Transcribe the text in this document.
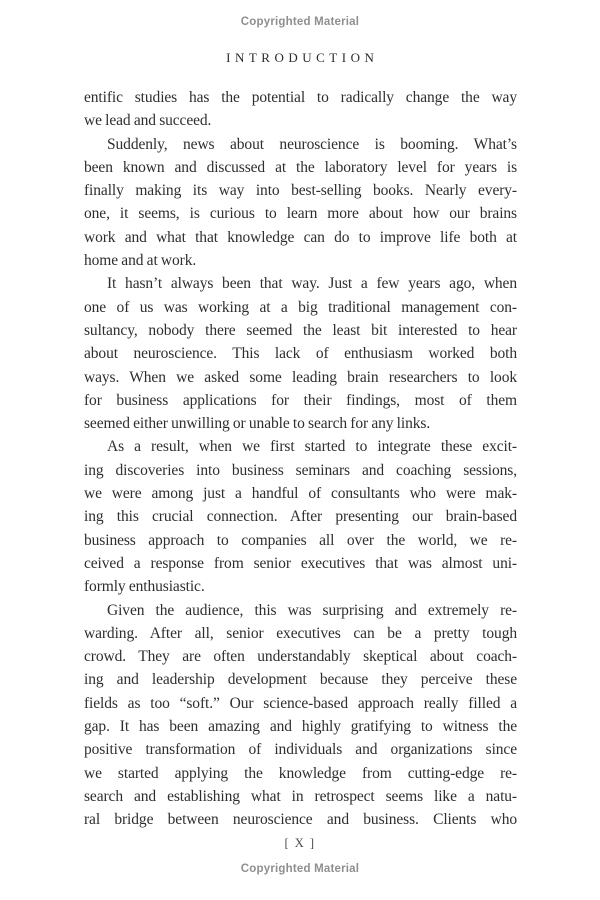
Copyrighted Material
INTRODUCTION
entific studies has the potential to radically change the way
we lead and succeed.
Suddenly, news about neuroscience is booming. What’s
been known and discussed at the laboratory level for years is
finally making its way into best-selling books. Nearly every-
one, it seems, is curious to learn more about how our brains
work and what that knowledge can do to improve life both at
home and at work.
It hasn’t always been that way. Just a few years ago, when
one of us was working at a big traditional management con-
sultancy, nobody there seemed the least bit interested to hear
about neuroscience. This lack of enthusiasm worked both
ways. When we asked some leading brain researchers to look
for business applications for their findings, most of them
seemed either unwilling or unable to search for any links.
As a result, when we first started to integrate these excit-
ing discoveries into business seminars and coaching sessions,
we were among just a handful of consultants who were mak-
ing this crucial connection. After presenting our brain-based
business approach to companies all over the world, we re-
ceived a response from senior executives that was almost uni-
formly enthusiastic.
Given the audience, this was surprising and extremely re-
warding. After all, senior executives can be a pretty tough
crowd. They are often understandably skeptical about coach-
ing and leadership development because they perceive these
fields as too “soft.” Our science-based approach really filled a
gap. It has been amazing and highly gratifying to witness the
positive transformation of individuals and organizations since
we started applying the knowledge from cutting-edge re-
search and establishing what in retrospect seems like a natu-
ral bridge between neuroscience and business. Clients who
[ X ]
Copyrighted Material
